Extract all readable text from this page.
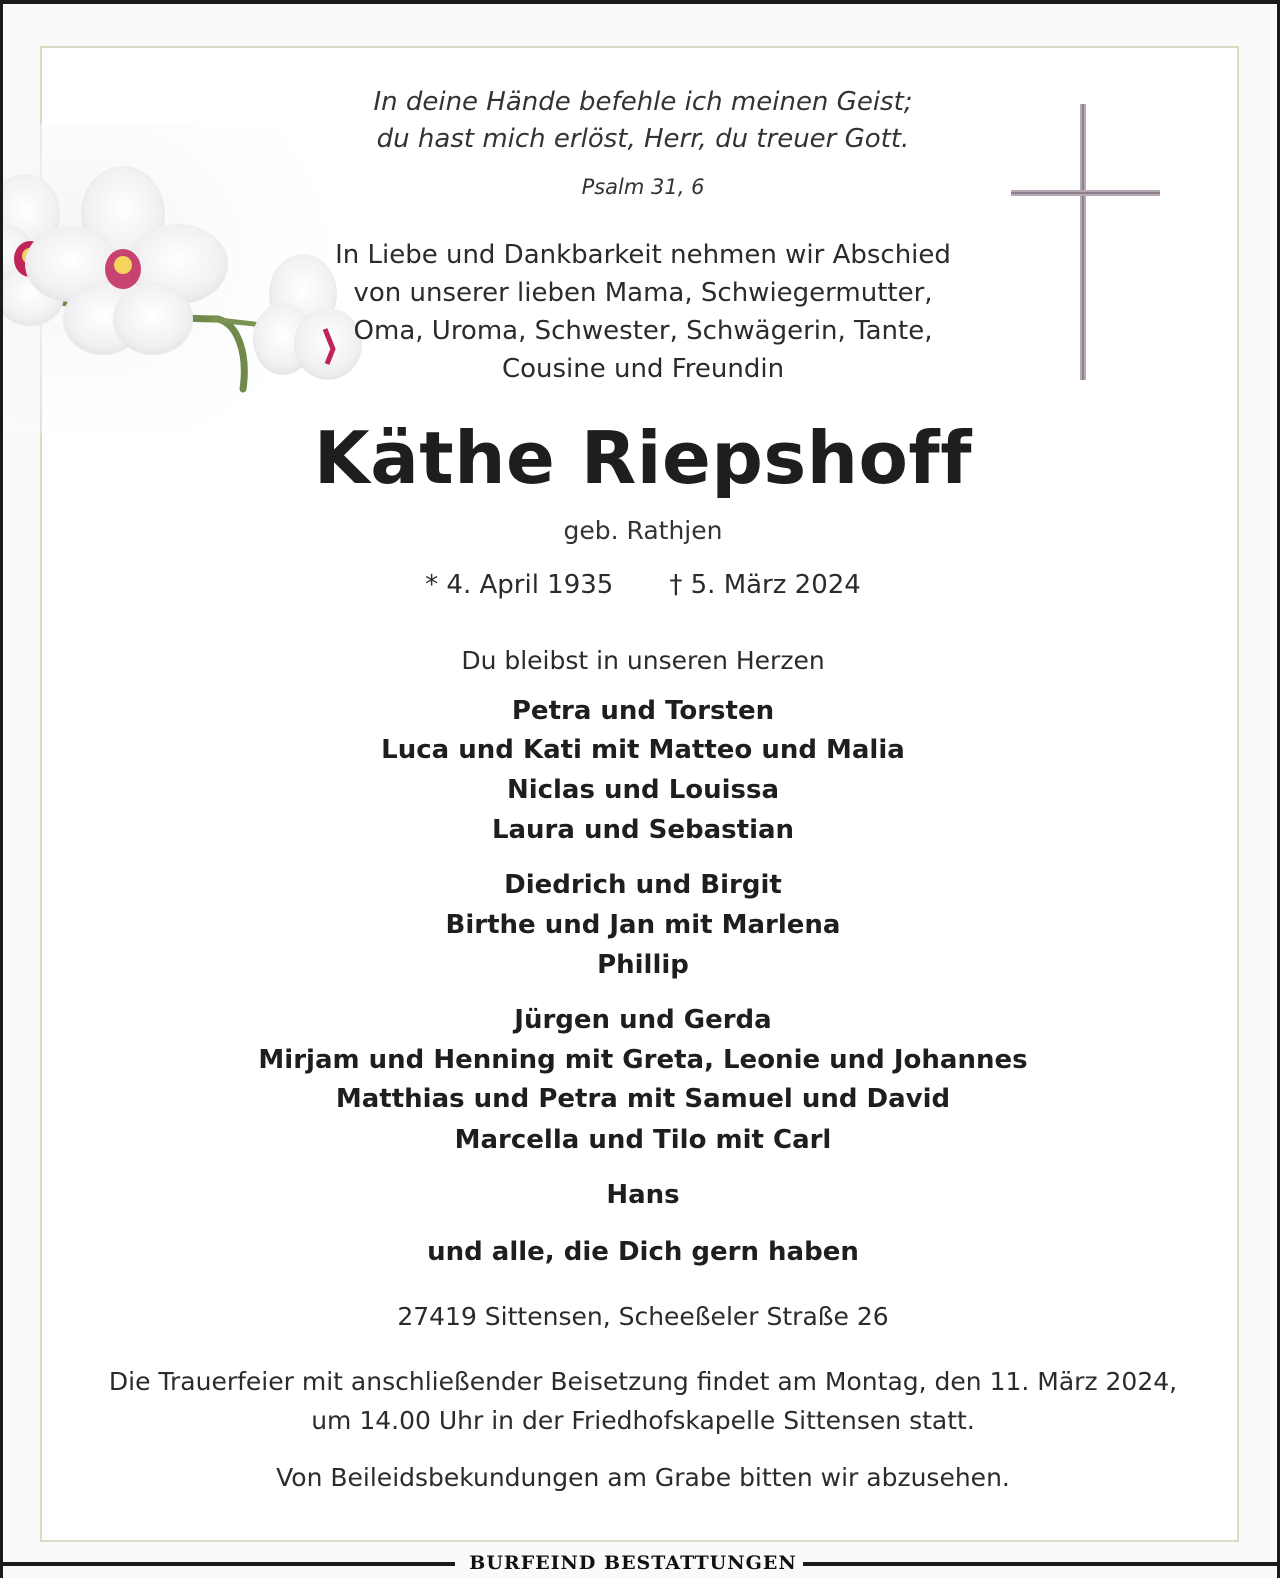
In deine Hände befehle ich meinen Geist;
du hast mich erlöst, Herr, du treuer Gott.
Psalm 31, 6
In Liebe und Dankbarkeit nehmen wir Abschied
von unserer lieben Mama, Schwiegermutter,
Oma, Uroma, Schwester, Schwägerin, Tante,
Cousine und Freundin
Käthe Riepshoff
geb. Rathjen
* 4. April 1935 † 5. März 2024
Du bleibst in unseren Herzen
Petra und Torsten
Luca und Kati mit Matteo und Malia
Niclas und Louissa
Laura und Sebastian
Diedrich und Birgit
Birthe und Jan mit Marlena
Phillip
Jürgen und Gerda
Mirjam und Henning mit Greta, Leonie und Johannes
Matthias und Petra mit Samuel und David
Marcella und Tilo mit Carl
Hans
und alle, die Dich gern haben
27419 Sittensen, Scheeßeler Straße 26
Die Trauerfeier mit anschließender Beisetzung findet am Montag, den 11. März 2024,
um 14.00 Uhr in der Friedhofskapelle Sittensen statt.
Von Beileidsbekundungen am Grabe bitten wir abzusehen.
BURFEIND BESTATTUNGEN
